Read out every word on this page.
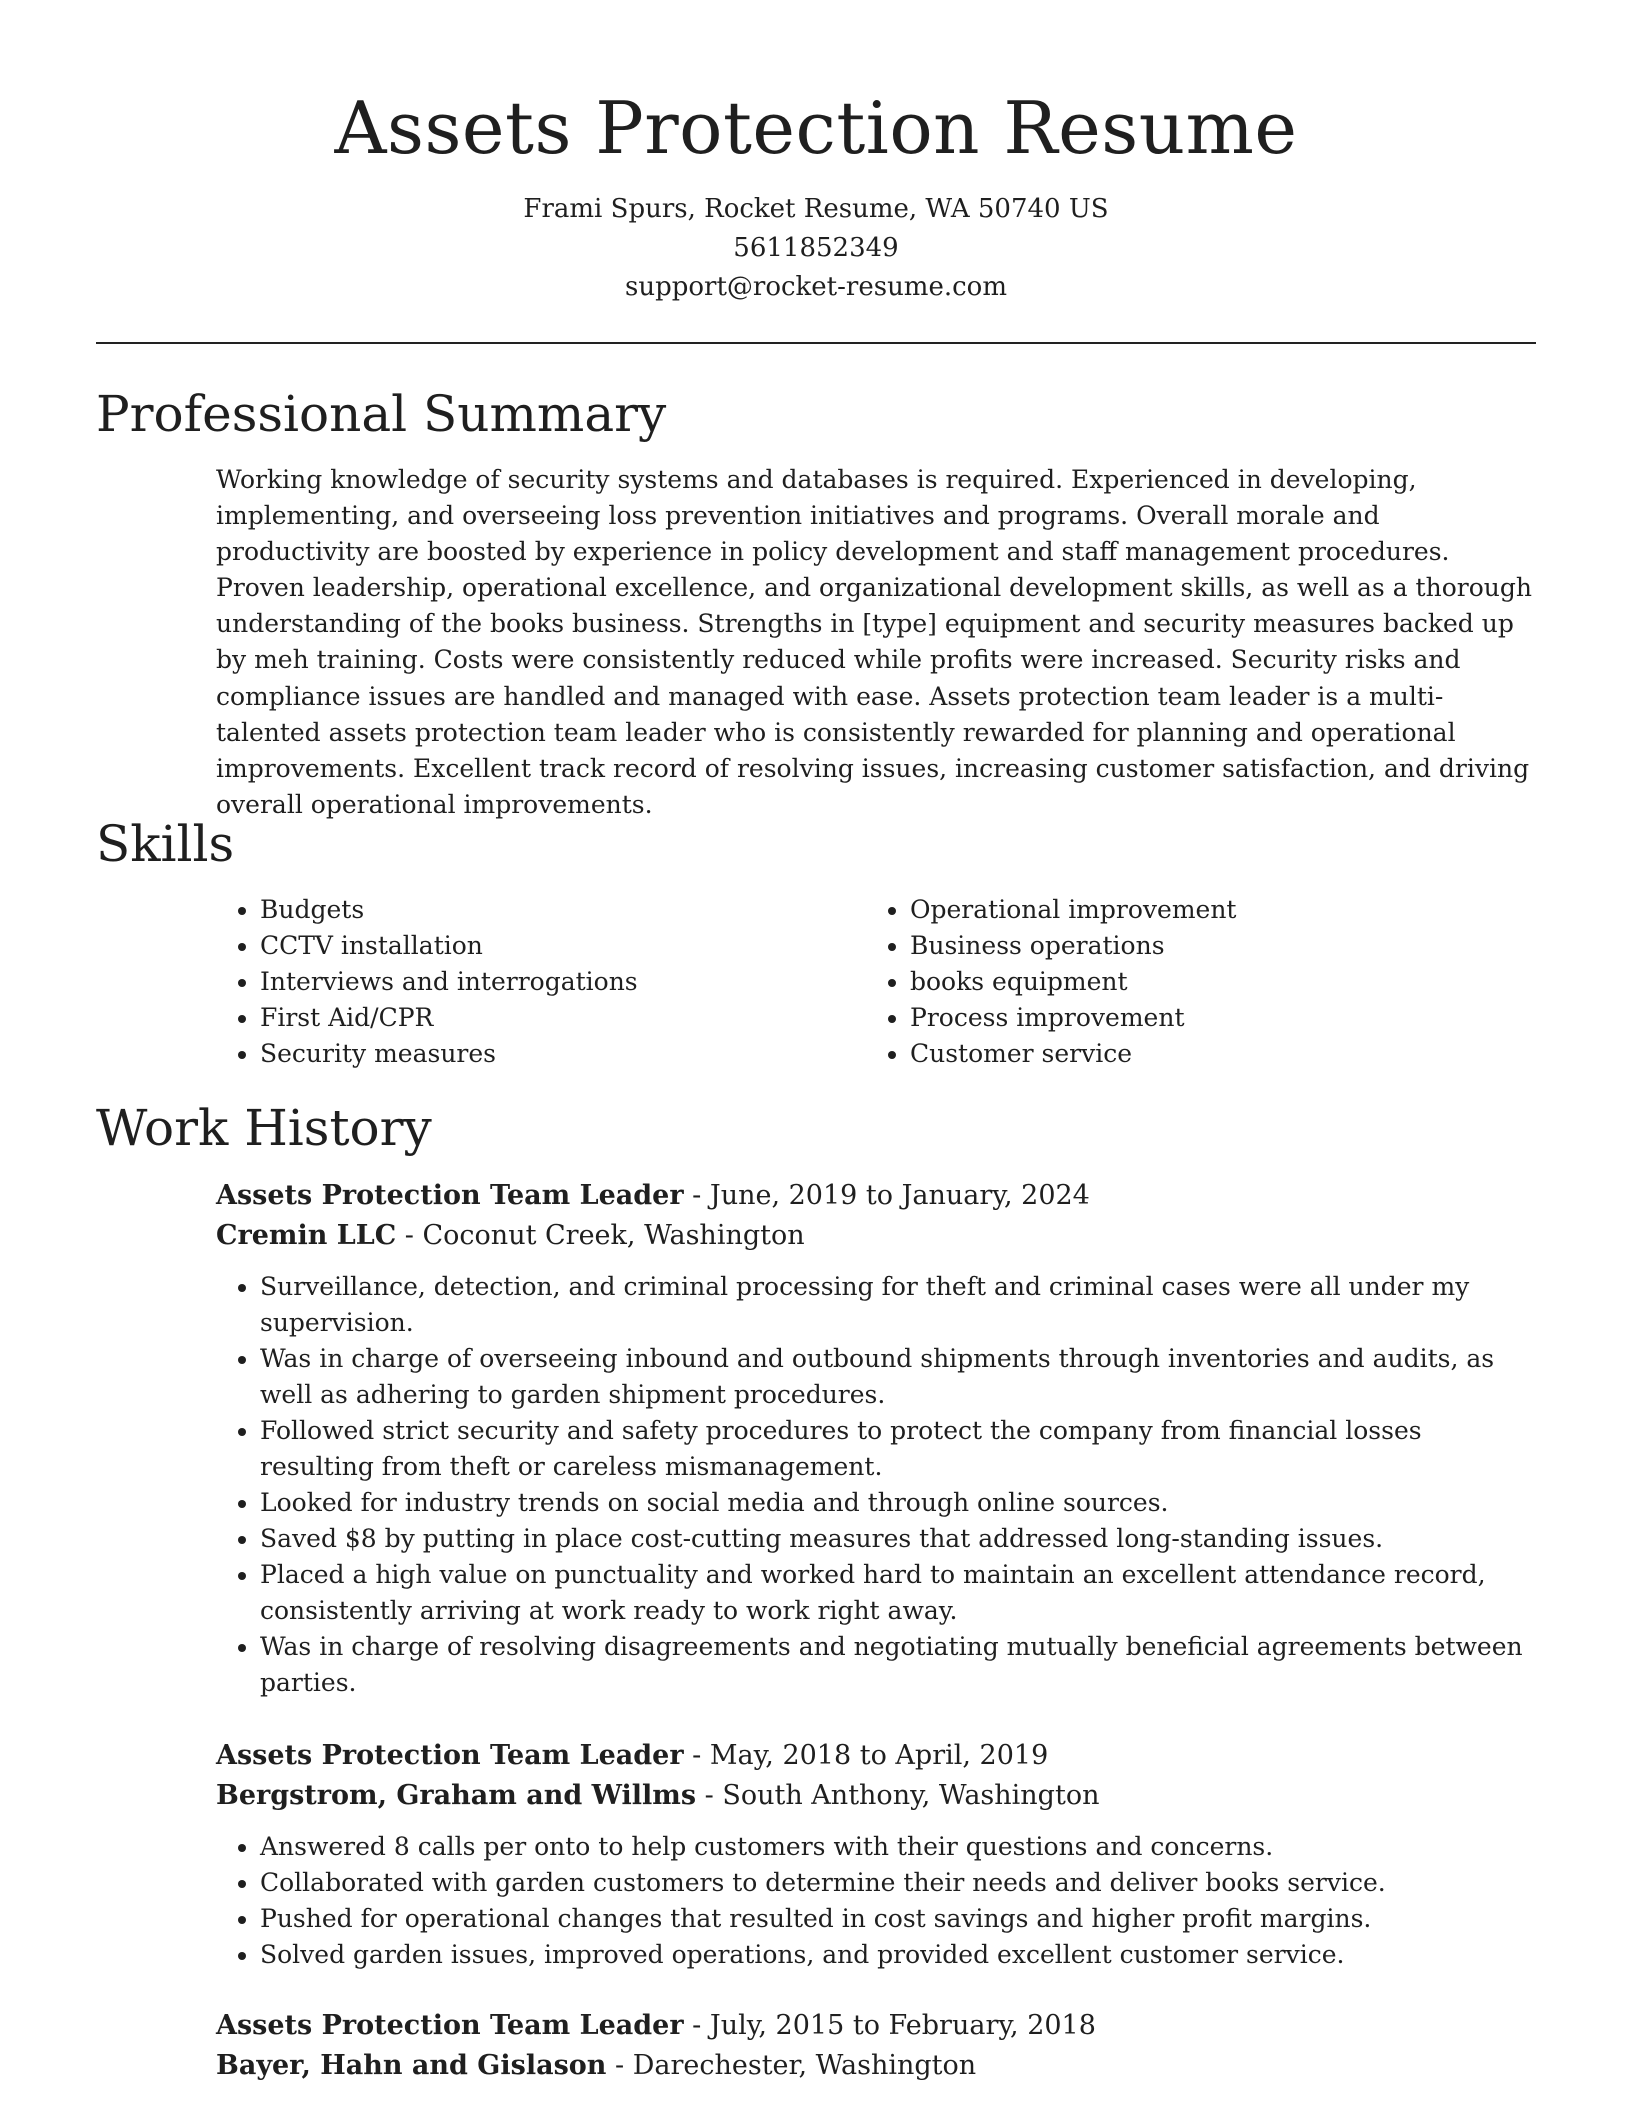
Assets Protection Resume
Frami Spurs, Rocket Resume, WA 50740 US
5611852349
support@rocket-resume.com
Professional Summary

Working knowledge of security systems and databases is required. Experienced in developing, implementing, and overseeing loss prevention initiatives and programs. Overall morale and productivity are boosted by experience in policy development and staff management procedures. Proven leadership, operational excellence, and organizational development skills, as well as a thorough understanding of the books business. Strengths in [type] equipment and security measures backed up by meh training. Costs were consistently reduced while profits were increased. Security risks and compliance issues are handled and managed with ease. Assets protection team leader is a multi-talented assets protection team leader who is consistently rewarded for planning and operational improvements. Excellent track record of resolving issues, increasing customer satisfaction, and driving overall operational improvements.

Skills
• Budgets
• CCTV installation
• Interviews and interrogations
• First Aid/CPR
• Security measures
• Operational improvement
• Business operations
• books equipment
• Process improvement
• Customer service
Work History

Assets Protection Team Leader - June, 2019 to January, 2024

Cremin LLC - Coconut Creek, Washington

• Surveillance, detection, and criminal processing for theft and criminal cases were all under my supervision.
• Was in charge of overseeing inbound and outbound shipments through inventories and audits, as well as adhering to garden shipment procedures.
• Followed strict security and safety procedures to protect the company from financial losses resulting from theft or careless mismanagement.
• Looked for industry trends on social media and through online sources.
• Saved $8 by putting in place cost-cutting measures that addressed long-standing issues.
• Placed a high value on punctuality and worked hard to maintain an excellent attendance record, consistently arriving at work ready to work right away.
• Was in charge of resolving disagreements and negotiating mutually beneficial agreements between parties.

Assets Protection Team Leader - May, 2018 to April, 2019

Bergstrom, Graham and Willms - South Anthony, Washington

• Answered 8 calls per onto to help customers with their questions and concerns.
• Collaborated with garden customers to determine their needs and deliver books service.
• Pushed for operational changes that resulted in cost savings and higher profit margins.
• Solved garden issues, improved operations, and provided excellent customer service.

Assets Protection Team Leader - July, 2015 to February, 2018

Bayer, Hahn and Gislason - Darechester, Washington
